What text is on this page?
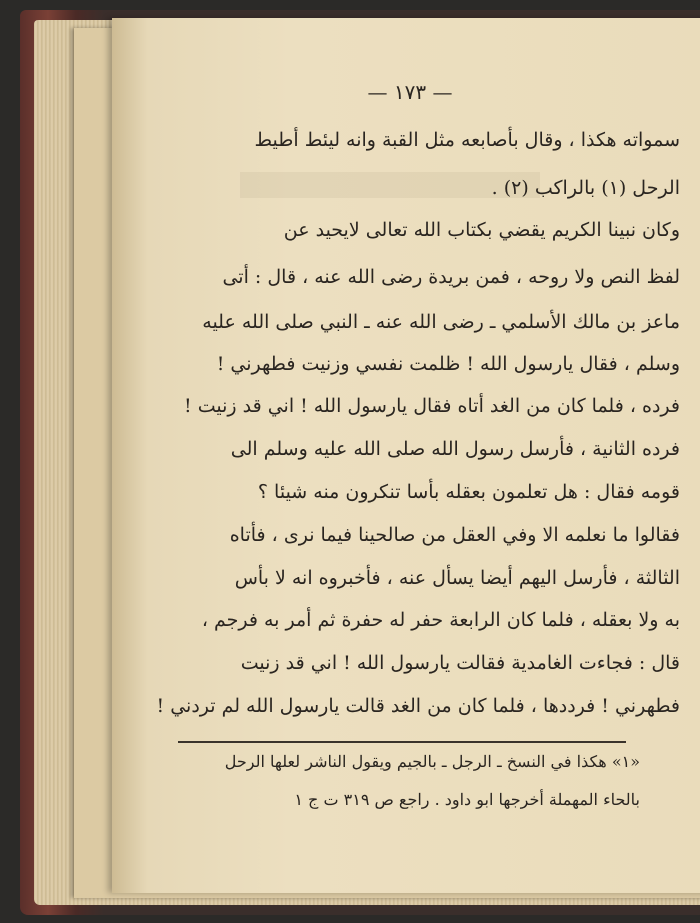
— ١٧٣ —
سمواته هكذا ، وقال بأصابعه مثل القبة وانه ليئط أطيط
الرحل (١) بالراكب (٢) .
وكان نبينا الكريم يقضي بكتاب الله تعالى لايحيد عن
لفظ النص ولا روحه ، فمن بريدة رضى الله عنه ، قال : أتى
ماعز بن مالك الأسلمي ـ رضى الله عنه ـ النبي صلى الله عليه
وسلم ، فقال يارسول الله ! ظلمت نفسي وزنيت فطهرني !
فرده ، فلما كان من الغد أتاه فقال يارسول الله ! اني قد زنيت !
فرده الثانية ، فأرسل رسول الله صلى الله عليه وسلم الى
قومه فقال : هل تعلمون بعقله بأسا تنكرون منه شيئا ؟
فقالوا ما نعلمه الا وفي العقل من صالحينا فيما نرى ، فأتاه
الثالثة ، فأرسل اليهم أيضا يسأل عنه ، فأخبروه انه لا بأس
به ولا بعقله ، فلما كان الرابعة حفر له حفرة ثم أمر به فرجم ،
قال : فجاءت الغامدية فقالت يارسول الله ! اني قد زنيت
فطهرني ! فرددها ، فلما كان من الغد قالت يارسول الله لم تردني !
«١» هكذا في النسخ ـ الرجل ـ بالجيم ويقول الناشر لعلها الرحل
بالحاء المهملة أخرجها ابو داود . راجع ص ٣١٩ ت ج ١
